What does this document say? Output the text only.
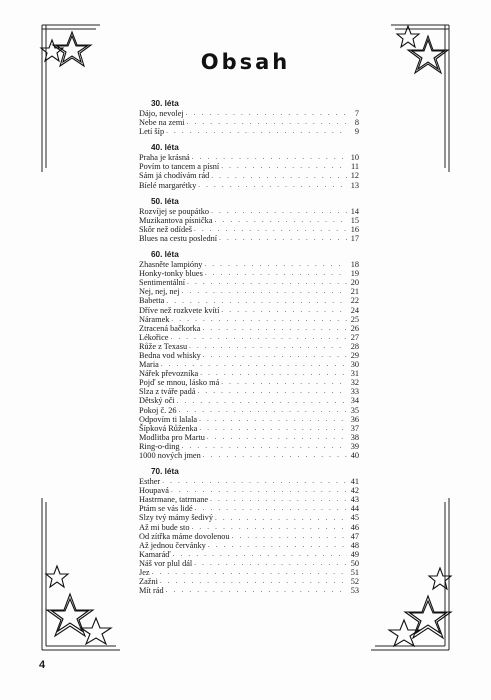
Obsah
30. léta
Dájo, nevolej . . .	7
Nebe na zemi . . .	8
Letí šíp . . .	9
40. léta
Praha je krásná . . .	10
Povím to tancem a písní . . .	11
Sám já chodívám rád . . .	12
Bíelé margarétky . . .	13
50. léta
Rozvíjej se poupátko . . .	14
Muzikantova písnička . . .	15
Skôr než odídeš . . .	16
Blues na cestu poslední . . .	17
60. léta
Zhasněte lampióny . . .	18
Honky-tonky blues . . .	19
Sentimentální . . .	20
Nej, nej, nej . . .	21
Babetta . . .	22
Dříve než rozkvete kvítí . . .	24
Náramek . . .	25
Ztracená bačkorka . . .	26
Lékořice . . .	27
Růže z Texasu . . .	28
Bedna vod whisky . . .	29
Maria . . .	30
Nářek převozníka . . .	31
Pojď se mnou, lásko má . . .	32
Slza z tváře padá . . .	33
Dětský oči . . .	34
Pokoj č. 26 . . .	35
Odpovím ti lalala . . .	36
Šípková Růženka . . .	37
Modlitba pro Martu . . .	38
Ring-o-ding . . .	39
1000 nových jmen . . .	40
70. léta
Esther . . .	41
Houpavá . . .	42
Hastrmane, tatrmane . . .	43
Ptám se vás lidé . . .	44
Slzy tvý mámy šedivý . . .	45
Až mi bude sto . . .	46
Od zítřka máme dovolenou . . .	47
Až jednou červánky . . .	48
Kamaráď . . .	49
Náš vor plul dál . . .	50
Jez . . .	51
Zažni . . .	52
Mít rád . . .	53
4
